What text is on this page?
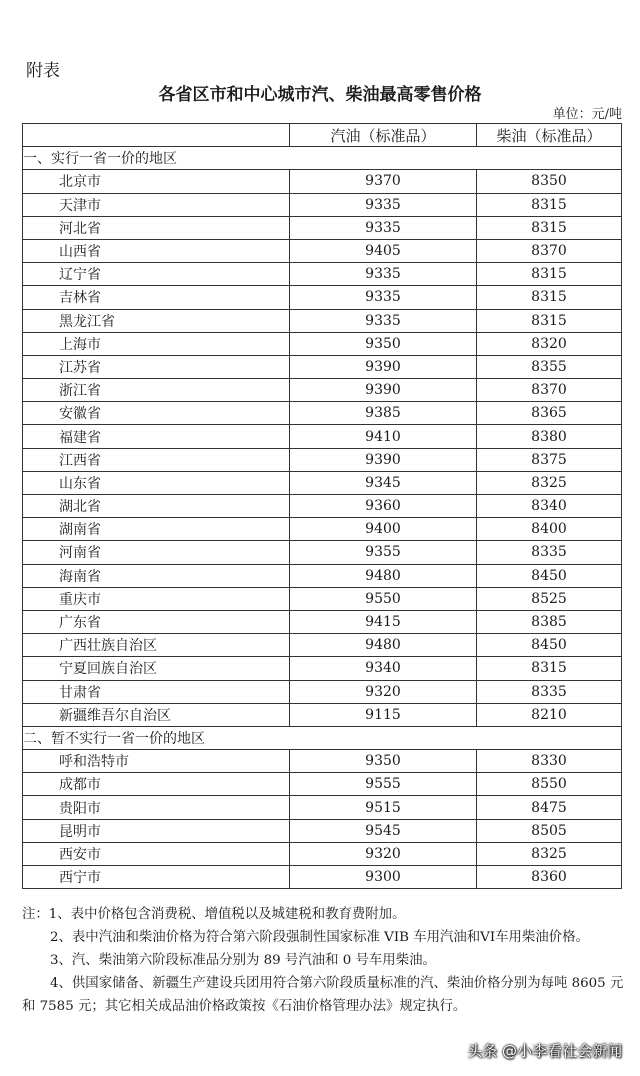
附表
各省区市和中心城市汽、柴油最高零售价格
单位：元/吨
	汽油（标准品）	柴油（标准品）
一、实行一省一价的地区		
北京市	9370	8350
天津市	9335	8315
河北省	9335	8315
山西省	9405	8370
辽宁省	9335	8315
吉林省	9335	8315
黑龙江省	9335	8315
上海市	9350	8320
江苏省	9390	8355
浙江省	9390	8370
安徽省	9385	8365
福建省	9410	8380
江西省	9390	8375
山东省	9345	8325
湖北省	9360	8340
湖南省	9400	8400
河南省	9355	8335
海南省	9480	8450
重庆市	9550	8525
广东省	9415	8385
广西壮族自治区	9480	8450
宁夏回族自治区	9340	8315
甘肃省	9320	8335
新疆维吾尔自治区	9115	8210
二、暂不实行一省一价的地区		
呼和浩特市	9350	8330
成都市	9555	8550
贵阳市	9515	8475
昆明市	9545	8505
西安市	9320	8325
西宁市	9300	8360

注：1、表中价格包含消费税、增值税以及城建税和教育费附加。

2、表中汽油和柴油价格为符合第六阶段强制性国家标准 VIB 车用汽油和VI车用柴油价格。

3、汽、柴油第六阶段标准品分别为 89 号汽油和 0 号车用柴油。

4、供国家储备、新疆生产建设兵团用符合第六阶段质量标准的汽、柴油价格分别为每吨 8605 元和 7585 元；其它相关成品油价格政策按《石油价格管理办法》规定执行。

头条 @小李看社会新闻
